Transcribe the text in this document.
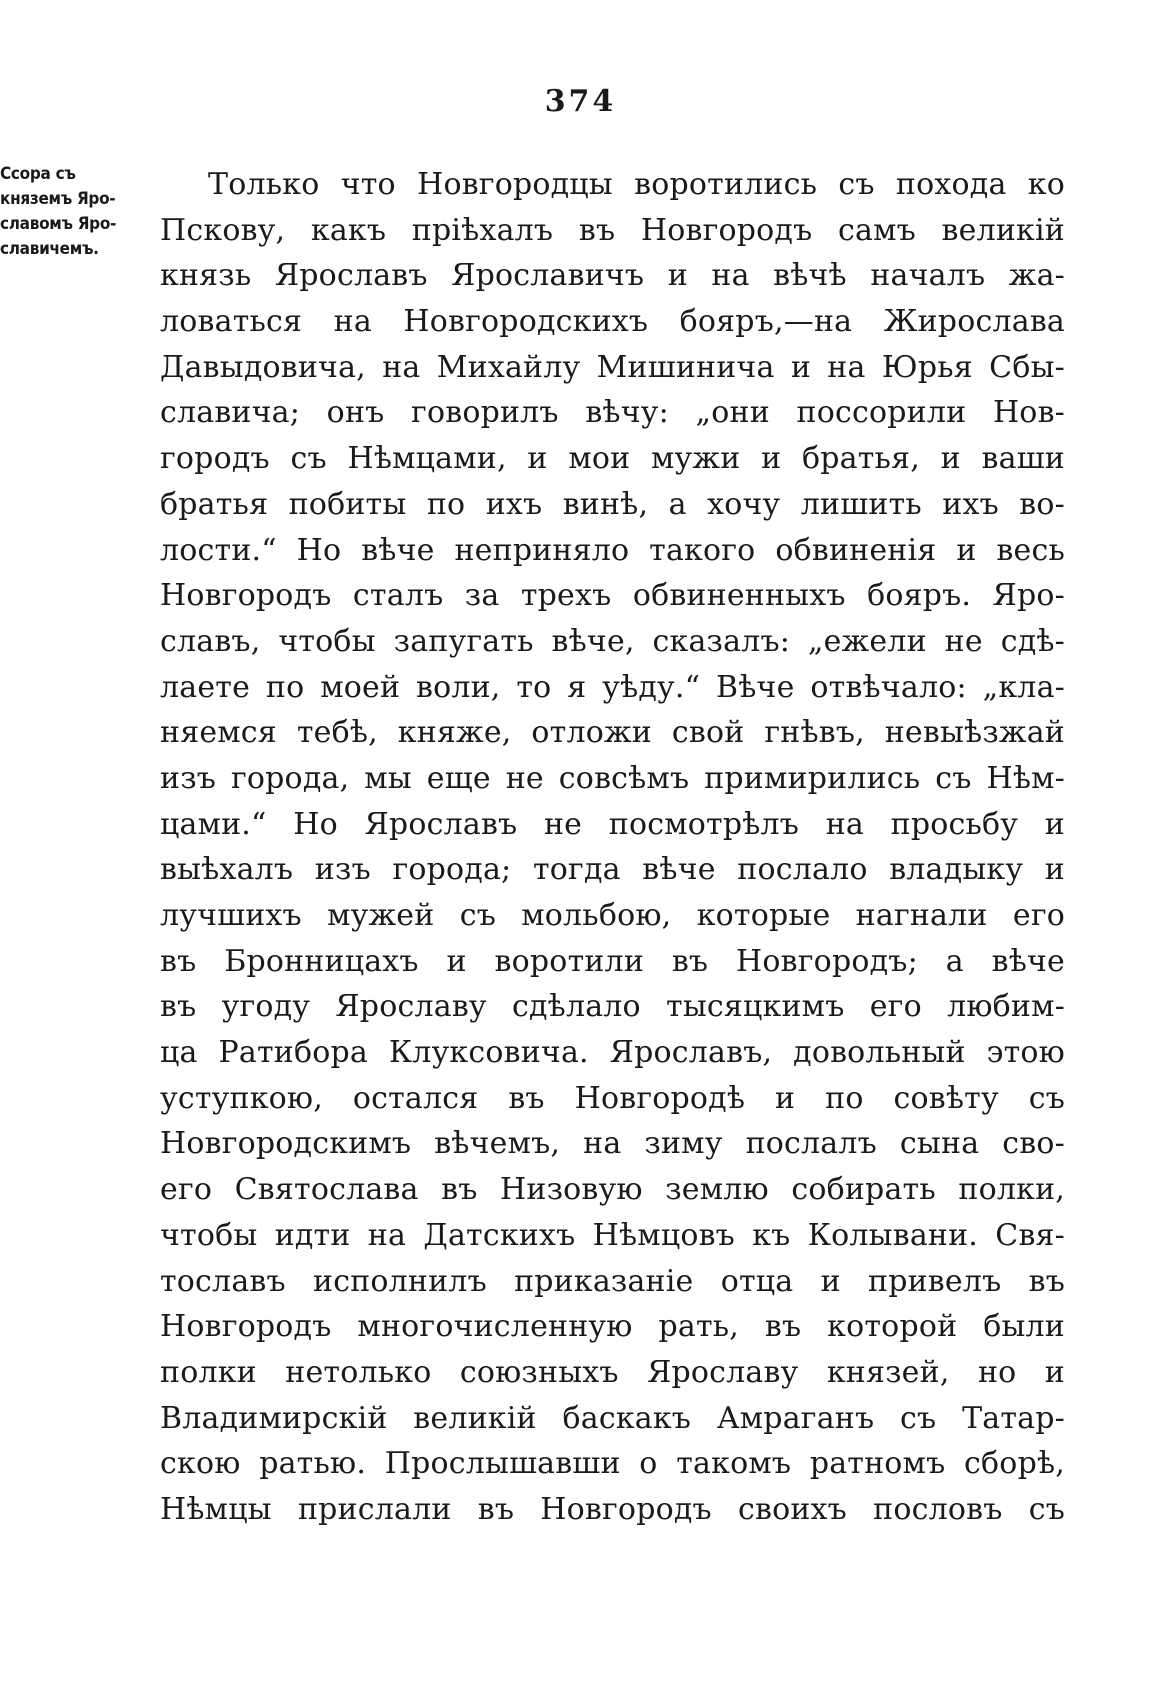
374
Ссора съ
княземъ Яро-
славомъ Яро-
славичемъ.
Только что Новгородцы воротились съ похода ко
Пскову, какъ пріѣхалъ въ Новгородъ самъ великій
князь Ярославъ Ярославичъ и на вѣчѣ началъ жа-
ловаться на Новгородскихъ бояръ,—на Жирослава
Давыдовича, на Михайлу Мишинича и на Юрья Сбы-
славича; онъ говорилъ вѣчу: „они поссорили Нов-
городъ съ Нѣмцами, и мои мужи и братья, и ваши
братья побиты по ихъ винѣ, а хочу лишить ихъ во-
лости.“ Но вѣче неприняло такого обвиненія и весь
Новгородъ сталъ за трехъ обвиненныхъ бояръ. Яро-
славъ, чтобы запугать вѣче, сказалъ: „ежели не сдѣ-
лаете по моей воли, то я уѣду.“ Вѣче отвѣчало: „кла-
няемся тебѣ, княже, отложи свой гнѣвъ, невыѣзжай
изъ города, мы еще не совсѣмъ примирились съ Нѣм-
цами.“ Но Ярославъ не посмотрѣлъ на просьбу и
выѣхалъ изъ города; тогда вѣче послало владыку и
лучшихъ мужей съ мольбою, которые нагнали его
въ Бронницахъ и воротили въ Новгородъ; а вѣче
въ угоду Ярославу сдѣлало тысяцкимъ его любим-
ца Ратибора Клуксовича. Ярославъ, довольный этою
уступкою, остался въ Новгородѣ и по совѣту съ
Новгородскимъ вѣчемъ, на зиму послалъ сына сво-
его Святослава въ Низовую землю собирать полки,
чтобы идти на Датскихъ Нѣмцовъ къ Колывани. Свя-
тославъ исполнилъ приказаніе отца и привелъ въ
Новгородъ многочисленную рать, въ которой были
полки нетолько союзныхъ Ярославу князей, но и
Владимирскій великій баскакъ Амраганъ съ Татар-
скою ратью. Прослышавши о такомъ ратномъ сборѣ,
Нѣмцы прислали въ Новгородъ своихъ пословъ съ
